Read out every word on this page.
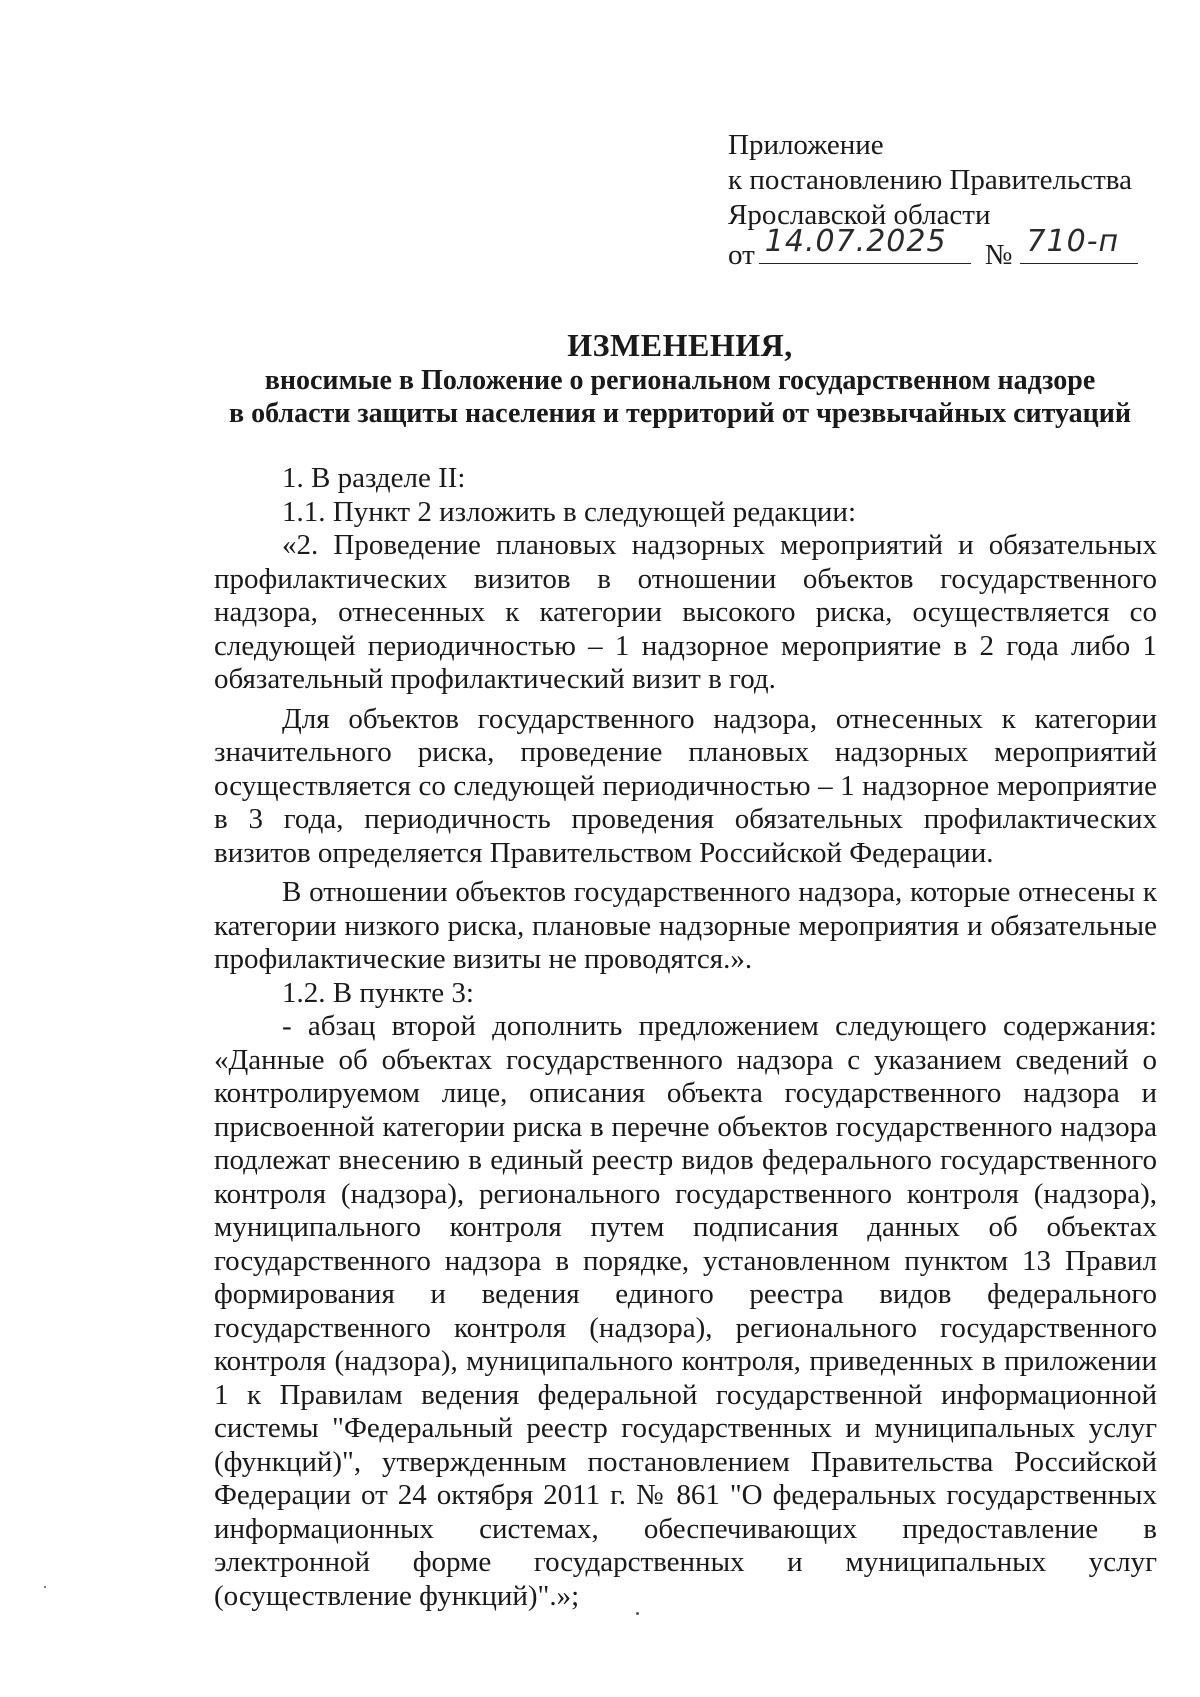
Приложение
к постановлению Правительства
Ярославской области
от 14.07.2025 № 710-п
ИЗМЕНЕНИЯ,
вносимые в Положение о региональном государственном надзоре
в области защиты населения и территорий от чрезвычайных ситуаций

1. В разделе II:

1.1. Пункт 2 изложить в следующей редакции:

«2. Проведение плановых надзорных мероприятий и обязательных профилактических визитов в отношении объектов государственного надзора, отнесенных к категории высокого риска, осуществляется со следующей периодичностью – 1 надзорное мероприятие в 2 года либо 1 обязательный профилактический визит в год.

Для объектов государственного надзора, отнесенных к категории значительного риска, проведение плановых надзорных мероприятий осуществляется со следующей периодичностью – 1 надзорное мероприятие в 3 года, периодичность проведения обязательных профилактических визитов определяется Правительством Российской Федерации.

В отношении объектов государственного надзора, которые отнесены к категории низкого риска, плановые надзорные мероприятия и обязательные профилактические визиты не проводятся.».

1.2. В пункте 3:

- абзац второй дополнить предложением следующего содержания: «Данные об объектах государственного надзора с указанием сведений о контролируемом лице, описания объекта государственного надзора и присвоенной категории риска в перечне объектов государственного надзора подлежат внесению в единый реестр видов федерального государственного контроля (надзора), регионального государственного контроля (надзора), муниципального контроля путем подписания данных об объектах государственного надзора в порядке, установленном пунктом 13 Правил формирования и ведения единого реестра видов федерального государственного контроля (надзора), регионального государственного контроля (надзора), муниципального контроля, приведенных в приложении 1 к Правилам ведения федеральной государственной информационной системы "Федеральный реестр государственных и муниципальных услуг (функций)", утвержденным постановлением Правительства Российской Федерации от 24 октября 2011 г. № 861 "О федеральных государственных информационных системах, обеспечивающих предоставление в электронной форме государственных и муниципальных услуг (осуществление функций)".»;
